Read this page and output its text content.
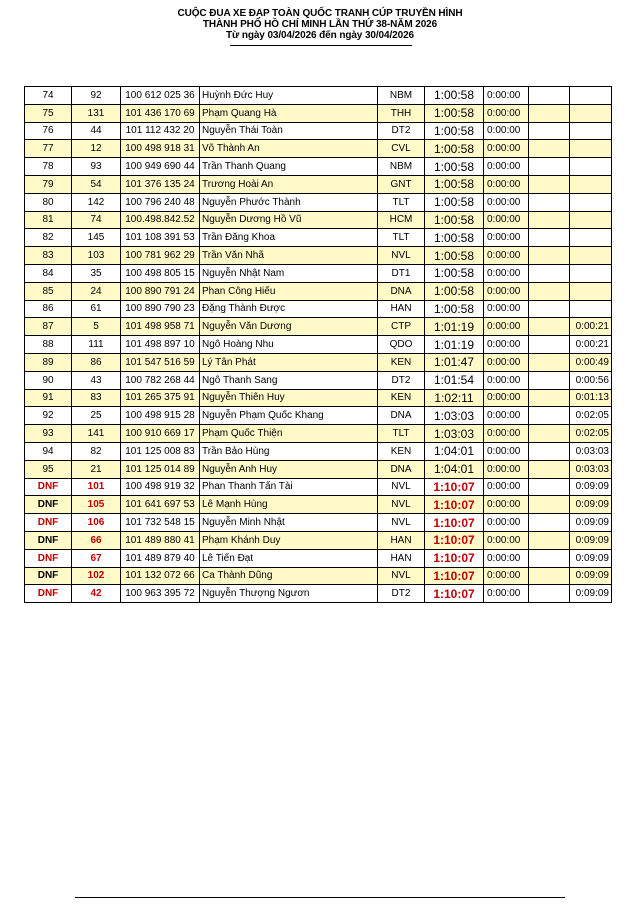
CUỘC ĐUA XE ĐẠP TOÀN QUỐC TRANH CÚP TRUYỀN HÌNH
THÀNH PHỐ HỒ CHÍ MINH LẦN THỨ 38-NĂM 2026
Từ ngày 03/04/2026 đến ngày 30/04/2026
74	92	100 612 025 36	Huỳnh Đức Huy	NBM	1:00:58	0:00:00		
75	131	101 436 170 69	Phạm Quang Hà	THH	1:00:58	0:00:00		
76	44	101 112 432 20	Nguyễn Thái Toàn	DT2	1:00:58	0:00:00		
77	12	100 498 918 31	Võ Thành An	CVL	1:00:58	0:00:00		
78	93	100 949 690 44	Trần Thanh Quang	NBM	1:00:58	0:00:00		
79	54	101 376 135 24	Trương Hoài An	GNT	1:00:58	0:00:00		
80	142	100 796 240 48	Nguyễn Phước Thành	TLT	1:00:58	0:00:00		
81	74	100.498.842.52	Nguyễn Dương Hồ Vũ	HCM	1:00:58	0:00:00		
82	145	101 108 391 53	Trần Đăng Khoa	TLT	1:00:58	0:00:00		
83	103	100 781 962 29	Trần Văn Nhã	NVL	1:00:58	0:00:00		
84	35	100 498 805 15	Nguyễn Nhật Nam	DT1	1:00:58	0:00:00		
85	24	100 890 791 24	Phan Công Hiếu	DNA	1:00:58	0:00:00		
86	61	100 890 790 23	Đặng Thành Được	HAN	1:00:58	0:00:00		
87	5	101 498 958 71	Nguyễn Văn Dương	CTP	1:01:19	0:00:00		0:00:21
88	111	101 498 897 10	Ngô Hoàng Nhu	QDO	1:01:19	0:00:00		0:00:21
89	86	101 547 516 59	Lý Tân Phát	KEN	1:01:47	0:00:00		0:00:49
90	43	100 782 268 44	Ngô Thanh Sang	DT2	1:01:54	0:00:00		0:00:56
91	83	101 265 375 91	Nguyễn Thiên Huy	KEN	1:02:11	0:00:00		0:01:13
92	25	100 498 915 28	Nguyễn Phạm Quốc Khang	DNA	1:03:03	0:00:00		0:02:05
93	141	100 910 669 17	Phạm Quốc Thiện	TLT	1:03:03	0:00:00		0:02:05
94	82	101 125 008 83	Trần Bảo Hùng	KEN	1:04:01	0:00:00		0:03:03
95	21	101 125 014 89	Nguyễn Anh Huy	DNA	1:04:01	0:00:00		0:03:03
DNF	101	100 498 919 32	Phan Thanh Tấn Tài	NVL	1:10:07	0:00:00		0:09:09
DNF	105	101 641 697 53	Lê Mạnh Hùng	NVL	1:10:07	0:00:00		0:09:09
DNF	106	101 732 548 15	Nguyễn Minh Nhật	NVL	1:10:07	0:00:00		0:09:09
DNF	66	101 489 880 41	Phạm Khánh Duy	HAN	1:10:07	0:00:00		0:09:09
DNF	67	101 489 879 40	Lê Tiến Đạt	HAN	1:10:07	0:00:00		0:09:09
DNF	102	101 132 072 66	Ca Thành Dũng	NVL	1:10:07	0:00:00		0:09:09
DNF	42	100 963 395 72	Nguyễn Thượng Ngươn	DT2	1:10:07	0:00:00		0:09:09
